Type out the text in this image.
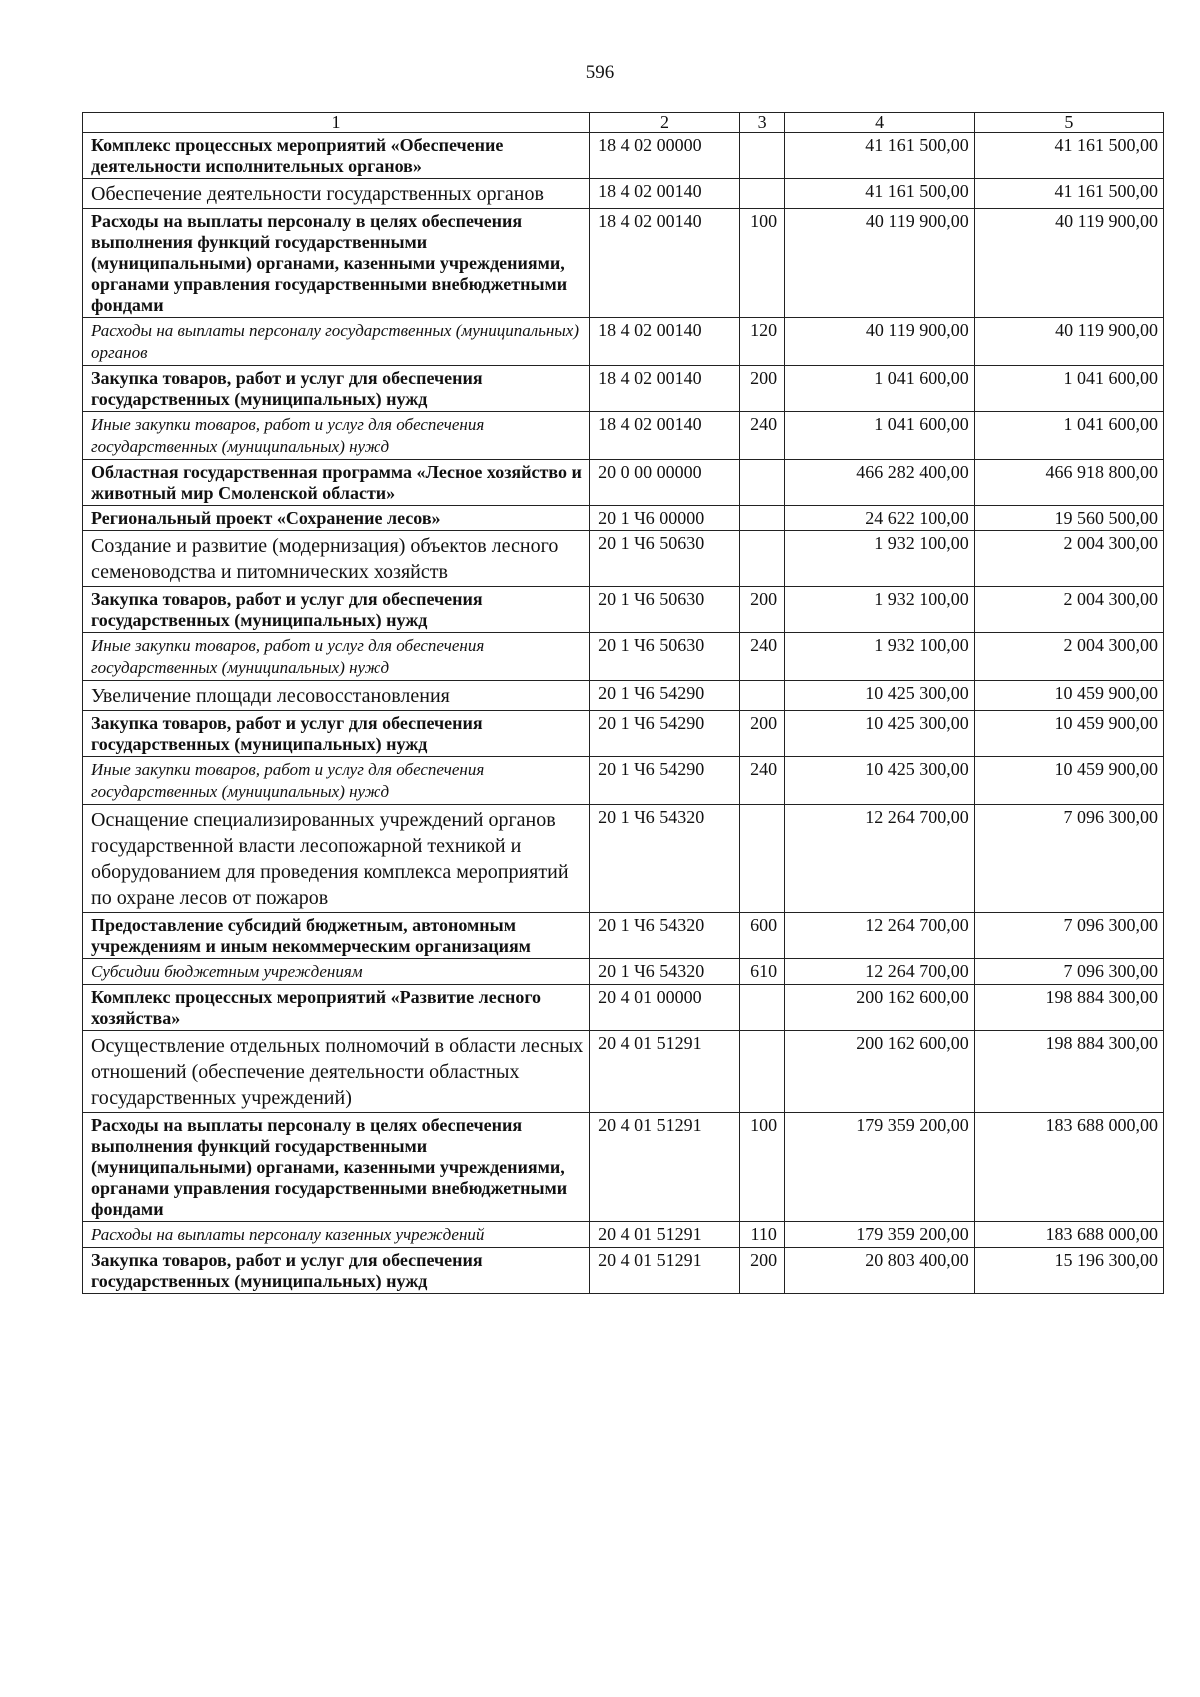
596
1	2	3	4	5
Комплекс процессных мероприятий «Обеспечение деятельности исполнительных органов»	18 4 02 00000		41 161 500,00	41 161 500,00
Обеспечение деятельности государственных органов	18 4 02 00140		41 161 500,00	41 161 500,00
Расходы на выплаты персоналу в целях обеспечения выполнения функций государственными (муниципальными) органами, казенными учреждениями, органами управления государственными внебюджетными фондами	18 4 02 00140	100	40 119 900,00	40 119 900,00
Расходы на выплаты персоналу государственных (муниципальных) органов	18 4 02 00140	120	40 119 900,00	40 119 900,00
Закупка товаров, работ и услуг для обеспечения государственных (муниципальных) нужд	18 4 02 00140	200	1 041 600,00	1 041 600,00
Иные закупки товаров, работ и услуг для обеспечения государственных (муниципальных) нужд	18 4 02 00140	240	1 041 600,00	1 041 600,00
Областная государственная программа «Лесное хозяйство и животный мир Смоленской области»	20 0 00 00000		466 282 400,00	466 918 800,00
Региональный проект «Сохранение лесов»	20 1 Ч6 00000		24 622 100,00	19 560 500,00
Создание и развитие (модернизация) объектов лесного семеноводства и питомнических хозяйств	20 1 Ч6 50630		1 932 100,00	2 004 300,00
Закупка товаров, работ и услуг для обеспечения государственных (муниципальных) нужд	20 1 Ч6 50630	200	1 932 100,00	2 004 300,00
Иные закупки товаров, работ и услуг для обеспечения государственных (муниципальных) нужд	20 1 Ч6 50630	240	1 932 100,00	2 004 300,00
Увеличение площади лесовосстановления	20 1 Ч6 54290		10 425 300,00	10 459 900,00
Закупка товаров, работ и услуг для обеспечения государственных (муниципальных) нужд	20 1 Ч6 54290	200	10 425 300,00	10 459 900,00
Иные закупки товаров, работ и услуг для обеспечения государственных (муниципальных) нужд	20 1 Ч6 54290	240	10 425 300,00	10 459 900,00
Оснащение специализированных учреждений органов государственной власти лесопожарной техникой и оборудованием для проведения комплекса мероприятий по охране лесов от пожаров	20 1 Ч6 54320		12 264 700,00	7 096 300,00
Предоставление субсидий бюджетным, автономным учреждениям и иным некоммерческим организациям	20 1 Ч6 54320	600	12 264 700,00	7 096 300,00
Субсидии бюджетным учреждениям	20 1 Ч6 54320	610	12 264 700,00	7 096 300,00
Комплекс процессных мероприятий «Развитие лесного хозяйства»	20 4 01 00000		200 162 600,00	198 884 300,00
Осуществление отдельных полномочий в области лесных отношений (обеспечение деятельности областных государственных учреждений)	20 4 01 51291		200 162 600,00	198 884 300,00
Расходы на выплаты персоналу в целях обеспечения выполнения функций государственными (муниципальными) органами, казенными учреждениями, органами управления государственными внебюджетными фондами	20 4 01 51291	100	179 359 200,00	183 688 000,00
Расходы на выплаты персоналу казенных учреждений	20 4 01 51291	110	179 359 200,00	183 688 000,00
Закупка товаров, работ и услуг для обеспечения государственных (муниципальных) нужд	20 4 01 51291	200	20 803 400,00	15 196 300,00
